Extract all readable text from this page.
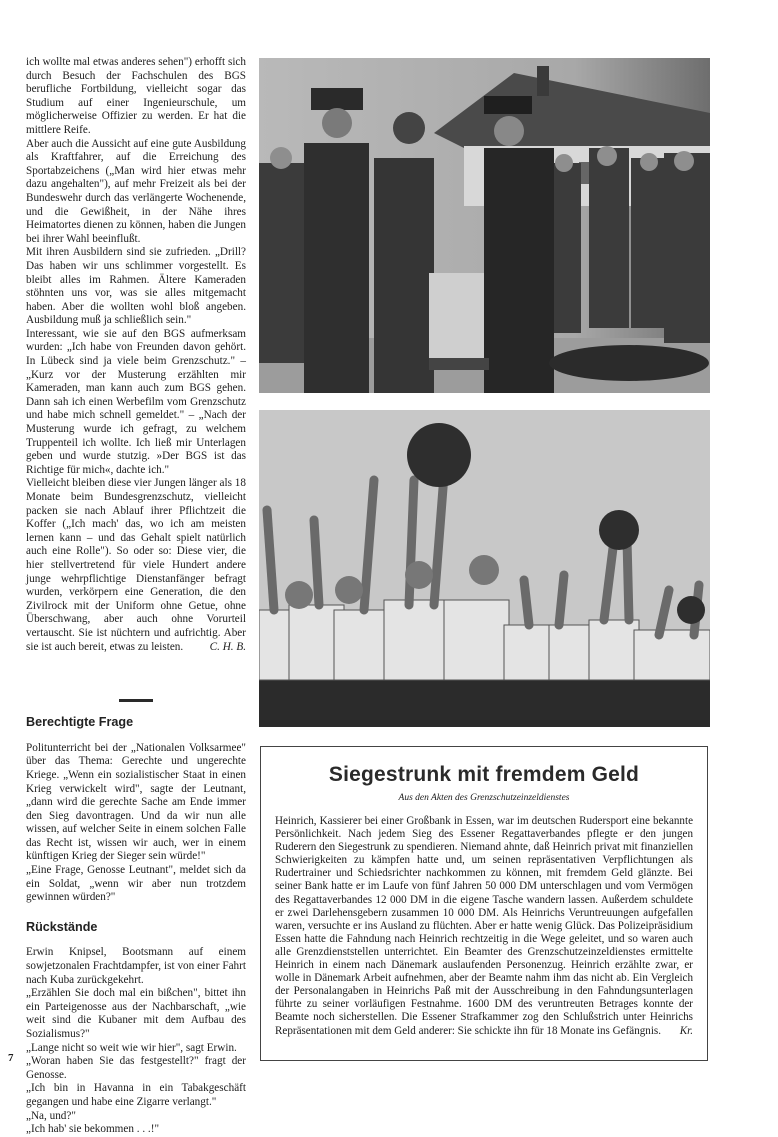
ich wollte mal etwas anderes sehen") erhofft sich durch Besuch der Fachschulen des BGS berufliche Fortbildung, vielleicht sogar das Studium auf einer Ingenieurschule, um möglicherweise Offizier zu werden. Er hat die mittlere Reife.

Aber auch die Aussicht auf eine gute Ausbildung als Kraftfahrer, auf die Erreichung des Sportabzeichens („Man wird hier etwas mehr dazu angehalten"), auf mehr Freizeit als bei der Bundeswehr durch das verlängerte Wochenende, und die Gewißheit, in der Nähe ihres Heimatortes dienen zu können, haben die Jungen bei ihrer Wahl beeinflußt.

Mit ihren Ausbildern sind sie zufrieden. „Drill? Das haben wir uns schlimmer vorgestellt. Es bleibt alles im Rahmen. Ältere Kameraden stöhnten uns vor, was sie alles mitgemacht haben. Aber die wollten wohl bloß angeben. Ausbildung muß ja schließlich sein."

Interessant, wie sie auf den BGS aufmerksam wurden: „Ich habe von Freunden davon gehört. In Lübeck sind ja viele beim Grenzschutz." – „Kurz vor der Musterung erzählten mir Kameraden, man kann auch zum BGS gehen. Dann sah ich einen Werbefilm vom Grenzschutz und habe mich schnell gemeldet." – „Nach der Musterung wurde ich gefragt, zu welchem Truppenteil ich wollte. Ich ließ mir Unterlagen geben und wurde stutzig. »Der BGS ist das Richtige für mich«, dachte ich."

Vielleicht bleiben diese vier Jungen länger als 18 Monate beim Bundesgrenzschutz, vielleicht packen sie nach Ablauf ihrer Pflichtzeit die Koffer („Ich mach' das, wo ich am meisten lernen kann – und das Gehalt spielt natürlich auch eine Rolle"). So oder so: Diese vier, die hier stellvertretend für viele Hundert andere junge wehrpflichtige Dienstanfänger befragt wurden, verkörpern eine Generation, die den Zivilrock mit der Uniform ohne Getue, ohne Überschwang, aber auch ohne Vorurteil vertauscht. Sie ist nüchtern und aufrichtig. Aber sie ist auch bereit, etwas zu leisten. C. H. B.

Berechtigte Frage

Politunterricht bei der „Nationalen Volksarmee" über das Thema: Gerechte und ungerechte Kriege. „Wenn ein sozialistischer Staat in einen Krieg verwickelt wird", sagte der Leutnant, „dann wird die gerechte Sache am Ende immer den Sieg davontragen. Und da wir nun alle wissen, auf welcher Seite in einem solchen Falle das Recht ist, wissen wir auch, wer in einem künftigen Krieg der Sieger sein würde!"

„Eine Frage, Genosse Leutnant", meldet sich da ein Soldat, „wenn wir aber nun trotzdem gewinnen würden?"

Rückstände

Erwin Knipsel, Bootsmann auf einem sowjetzonalen Frachtdampfer, ist von einer Fahrt nach Kuba zurückgekehrt.

„Erzählen Sie doch mal ein bißchen", bittet ihn ein Parteigenosse aus der Nachbarschaft, „wie weit sind die Kubaner mit dem Aufbau des Sozialismus?"

„Lange nicht so weit wie wir hier", sagt Erwin.

„Woran haben Sie das festgestellt?" fragt der Genosse.

„Ich bin in Havanna in ein Tabakgeschäft gegangen und habe eine Zigarre verlangt."

„Na, und?"

„Ich hab' sie bekommen . . .!"

7
Siegestrunk mit fremdem Geld
Aus den Akten des Grenzschutzeinzeldienstes

Heinrich, Kassierer bei einer Großbank in Essen, war im deutschen Rudersport eine bekannte Persönlichkeit. Nach jedem Sieg des Essener Regattaverbandes pflegte er den jungen Ruderern den Siegestrunk zu spendieren. Niemand ahnte, daß Heinrich privat mit finanziellen Schwierigkeiten zu kämpfen hatte und, um seinen repräsentativen Verpflichtungen als Rudertrainer und Schiedsrichter nachkommen zu können, mit fremdem Geld glänzte. Bei seiner Bank hatte er im Laufe von fünf Jahren 50 000 DM unterschlagen und vom Vermögen des Regattaverbandes 12 000 DM in die eigene Tasche wandern lassen. Außerdem schuldete er zwei Darlehensgebern zusammen 10 000 DM. Als Heinrichs Veruntreuungen aufgefallen waren, versuchte er ins Ausland zu flüchten. Aber er hatte wenig Glück. Das Polizeipräsidium Essen hatte die Fahndung nach Heinrich rechtzeitig in die Wege geleitet, und so waren auch alle Grenzdienststellen unterrichtet. Ein Beamter des Grenzschutzeinzeldienstes ermittelte Heinrich in einem nach Dänemark auslaufenden Personenzug. Heinrich erzählte zwar, er wolle in Dänemark Arbeit aufnehmen, aber der Beamte nahm ihm das nicht ab. Ein Vergleich der Personalangaben in Heinrichs Paß mit der Ausschreibung in den Fahndungsunterlagen führte zu seiner vorläufigen Festnahme. 1600 DM des veruntreuten Betrages konnte der Beamte noch sicherstellen. Die Essener Strafkammer zog den Schlußstrich unter Heinrichs Repräsentationen mit dem Geld anderer: Sie schickte ihn für 18 Monate ins Gefängnis. Kr.
